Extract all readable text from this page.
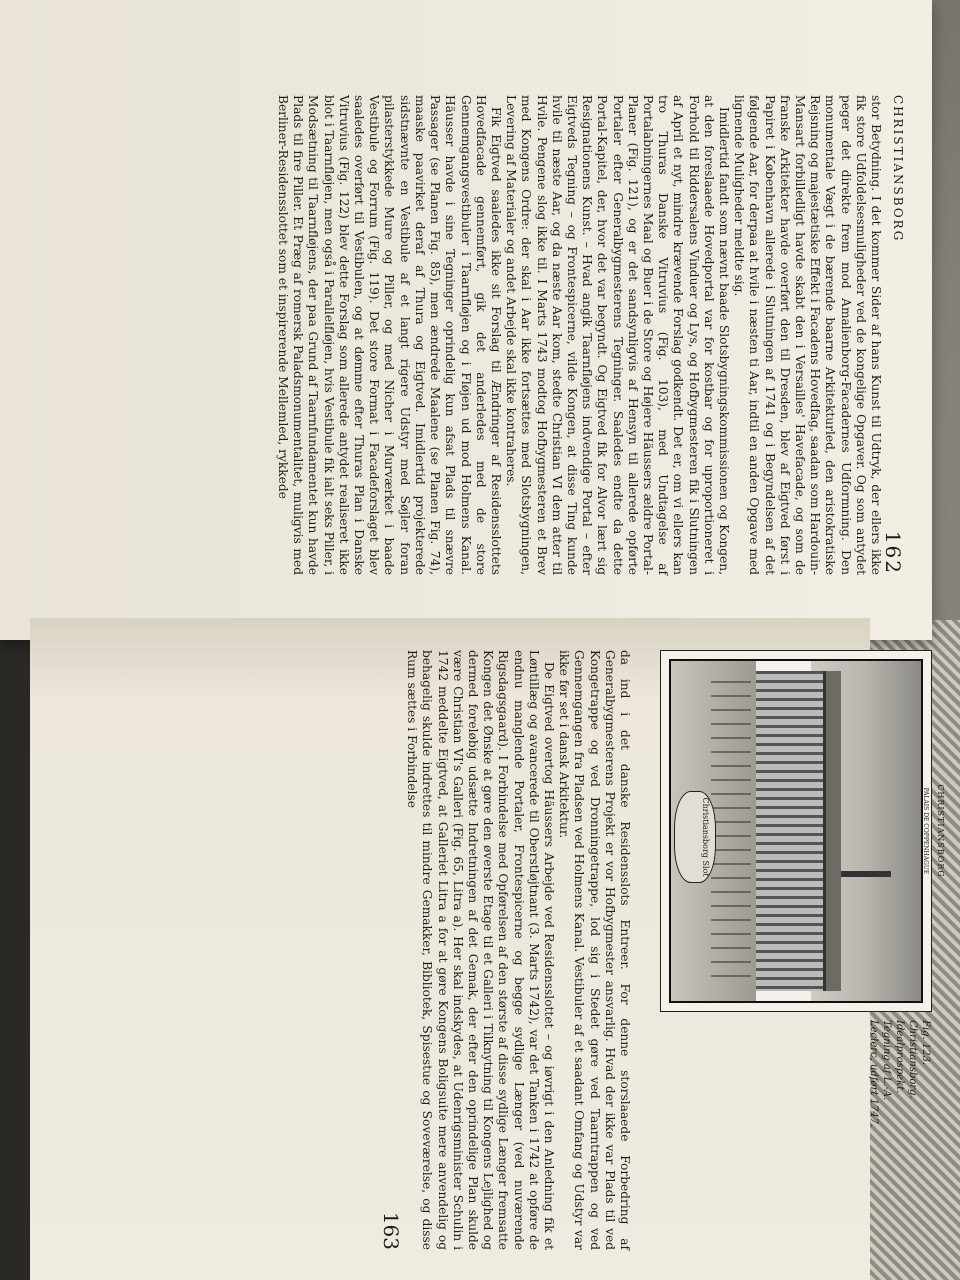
CHRISTIANSBORG
162

stor Betydning. I det kommer Sider af hans Kunst til Udtryk, der ellers ikke fik store Udfoldelsesmuligheder ved de kongelige Opgaver. Og som antydet peger det direkte frem mod Amalienborg-Facadernes Udformning. Den monumentale Vægt i de bærende baarne Arkitekturled, den aristokratiske Rejsning og majestætiske Effekt i Facadens Hovedfag, saadan som Hardouin-Mansart forbilledligt havde skabt den i Versailles' Havefacade, og som de franske Arkitekter havde overført den til Dresden, blev af Eigtved først i Papiret i København allerede i Slutningen af 1741 og i Begyndelsen af det følgende Aar, for derpaa at hvile i næsten ti Aar, indtil en anden Opgave med lignende Muligheder meldte sig.

Imidlertid fandt som nævnt baade Slotsbygningskommissionen og Kongen, at den foreslaaede Hovedportal var for kostbar og for uproportioneret i Forhold til Riddersalens Vinduer og Lys, og Hofbygmesteren fik i Slutningen af April et nyt, mindre krævende Forslag godkendt. Det er, om vi ellers kan tro Thuras Danske Vitruvius (Fig. 103), med Undtagelse af Portalabningernes Maal og Buer i de Store og Højere Häussers ældre Portal-Planer (Fig. 121), og er det sandsynligvis af Hensyn til allerede opførte Portaler efter Generalbygmesterens Tegninger. Saaledes endte da dette Portal-Kapitel, der, hvor det var begyndt. Og Eigtved fik for Alvor lært sig Resignationens Kunst. – Hvad angik Taarnfløjens indvendige Portal – efter Eigtveds Tegning – og Frontespicerne, vilde Kongen, at disse Ting kunde hvile til næste Aar, og da næste Aar kom, stedte Christian VI dem atter til Hvile. Pengene slog ikke til. I Marts 1743 modtog Hofbygmesteren et Brev med Kongens Ordre: der skal i Aar ikke fortsættes med Slotsbygningen, Levering af Materialer og andet Arbejde skal ikke kontraheres.

Fik Eigtved saaledes ikke sit Forslag til Ændringer af Residensslottets Hovedfacade gennemført, gik det anderledes med de store Gennemgangsvestibuler i Taarnfløjen og i Fløjen ud mod Holmens Kanal. Häusser havde i sine Tegninger oprindelig kun afsat Plads til snævre Passager (se Planen Fig. 85), men ændrede Maalene (se Planen Fig. 74), maaske paavirket deraf af Thura og Eigtved. Imidlertid projekterede sidstnævnte en Vestibule af et langt rigere Udstyr med Søjler foran pilasterstykkede Mure og Piller, og med Nicher i Murværket i baade Vestibule og Forrum (Fig. 119). Det store Format i Facadeforslaget blev saaledes overført til Vestibulen, og at dømme efter Thuras Plan i Danske Vitruvius (Fig. 122) blev dette Forslag som allerede antydet realiseret ikke blot i Taarnfløjen, men også i Parallelfløjen, hvis Vestibule fik ialt seks Piller, i Modsætning til Taarnfløjens, der paa Grund af Taarnfundamentet kun havde Plads til fire Piller. Et Præg af romersk Paladsmonumentalitet, muligvis med Berliner-Residensslottet som et inspirerende Mellemled, rykkede

Christiansborg Slot	CHRISTIANSBORG
PALAIS DE COPPENHAGUE
Fig. 123. Christiansborg. Idealprospekt. Tegning af L.-A. Leclerc, udført 1747.

da ind i det danske Residensslots Entreer. For denne storslaaede Forbedring af Generalbygmesterens Projekt er vor Hofbygmester ansvarlig. Hvad der ikke var Plads til ved Kongetrappe og ved Dronningetrappe, lod sig i Stedet gøre ved Taarntrappen og ved Gennemgangen fra Pladsen ved Holmens Kanal. Vestibuler af et saadant Omfang og Udstyr var ikke før set i dansk Arkitektur.

De Eigtved overtog Häussers Arbejde ved Residensslottet – og iøvrigt i den Anledning fik et Løntillæg og avancerede til Oberstløjtnant (3. Marts 1742), var det Tanken i 1742 at opføre de endnu manglende Portaler, Frontespicerne og begge sydlige Længer (ved nuværende Rigsdagsgaard). I Forbindelse med Opførelsen af den største af disse sydlige Længer fremsatte Kongen det Ønske at gøre den øverste Etage til et Galleri i Tilknytning til Kongens Lejlighed og dermed foreløbig udsætte Indretningen af det Gemak, der efter den oprindelige Plan skulde være Christian VI's Galleri (Fig. 65, Litra a). Her skal indskydes, at Udenrigsminister Schulin i 1742 meddelte Eigtved, at Galleriet Litra a for at gøre Kongens Boligsuite mere anvendelig og behagelig skulde indrettes til mindre Gemakker, Bibliotek, Spisestue og Soveværelse, og disse Rum sættes i Forbindelse

163
